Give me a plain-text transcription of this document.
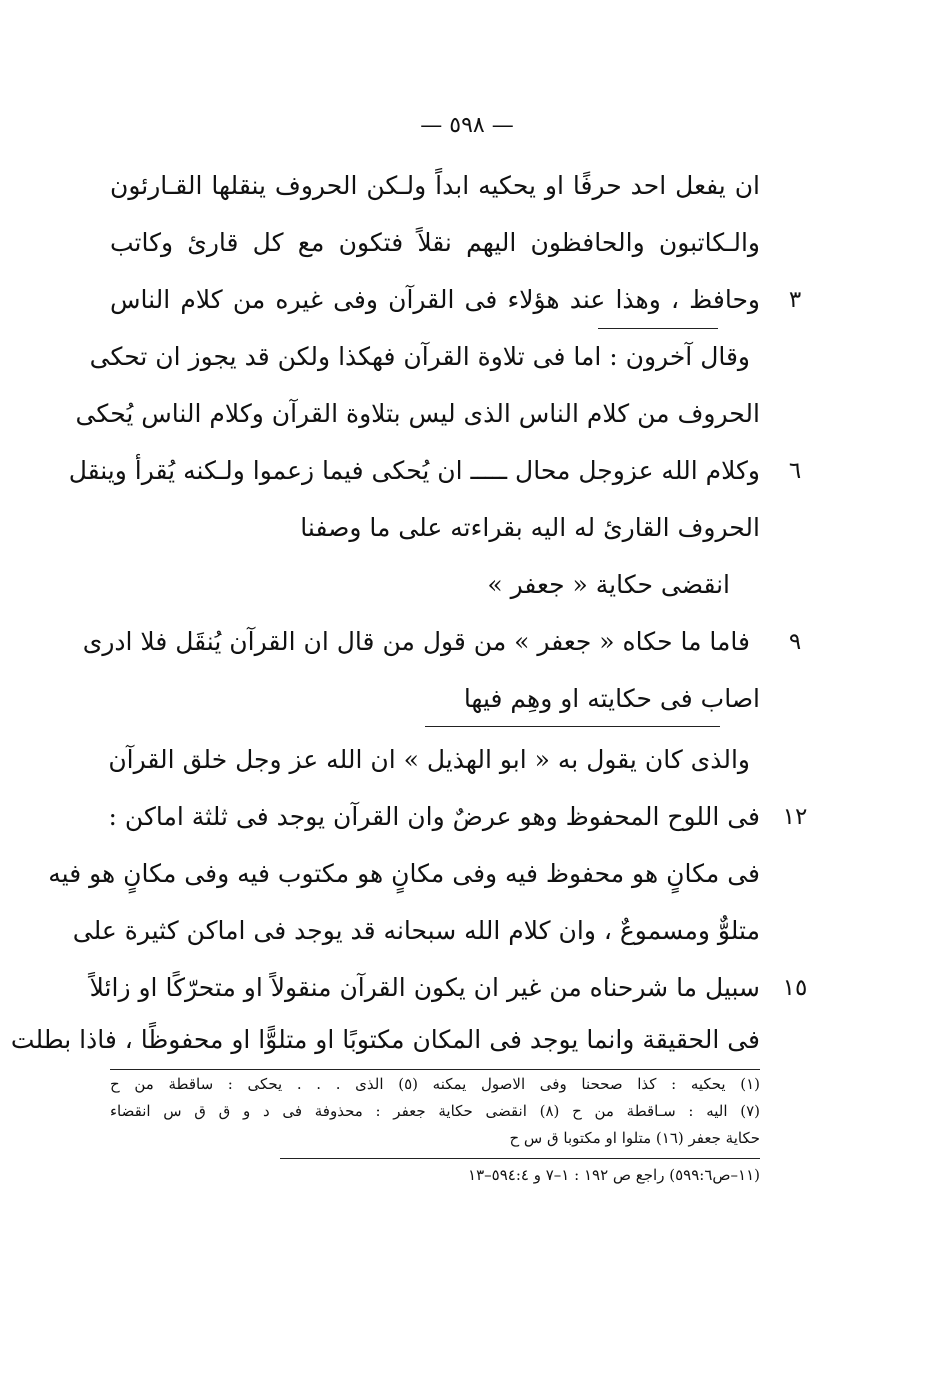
— ٥٩٨ —
ان يفعل احد حرفًا او يحكيه ابداً ولـكن الحروف ينقلها القـارئون
والـكاتبون والحافظون اليهم نقلاً فتكون مع كل قارئ وكاتب
وحافظ ، وهذا عند هؤلاء فى القرآن وفى غيره من كلام الناس	٣
وقال آخرون : اما فى تلاوة القرآن فهكذا ولكن قد يجوز ان تحكى
الحروف من كلام الناس الذى ليس بتلاوة القرآن وكلام الناس يُحكى
وكلام الله عزوجل محال ـــــ ان يُحكى فيما زعموا ولـكنه يُقرأ وينقل	٦
الحروف القارئ له اليه بقراءته على ما وصفنا
انقضى حكاية « جعفر »
فاما ما حكاه « جعفر » من قول من قال ان القرآن يُنقَل فلا ادرى	٩
اصاب فى حكايته او وهِم فيها
والذى كان يقول به « ابو الهذيل » ان الله عز وجل خلق القرآن
فى اللوح المحفوظ وهو عرضٌ وان القرآن يوجد فى ثلثة اماكن : ١٢
فى مكانٍ هو محفوظ فيه وفى مكانٍ هو مكتوب فيه وفى مكانٍ هو فيه
متلوٌّ ومسموعٌ ، وان كلام الله سبحانه قد يوجد فى اماكن كثيرة على
سبيل ما شرحناه من غير ان يكون القرآن منقولاً او متحرّكًا او زائلاً ١٥
فى الحقيقة وانما يوجد فى المكان مكتوبًا او متلوًّا او محفوظًا ، فاذا بطلت
(١) يحكيه : كذا صححنا وفى الاصول يمكنه (٥) الذى . . . يحكى : ساقطة من ح
(٧) اليه : سـاقطة من ح (٨) انقضى حكاية جعفر : محذوفة فى د و ق ق س انقضاء
حكاية جعفر (١٦) متلوا او مكتوبا ق س ح
(١١–ص٥٩٩:٦) راجع ص ١٩٢ : ١–٧ و ٥٩٤:٤–١٣
